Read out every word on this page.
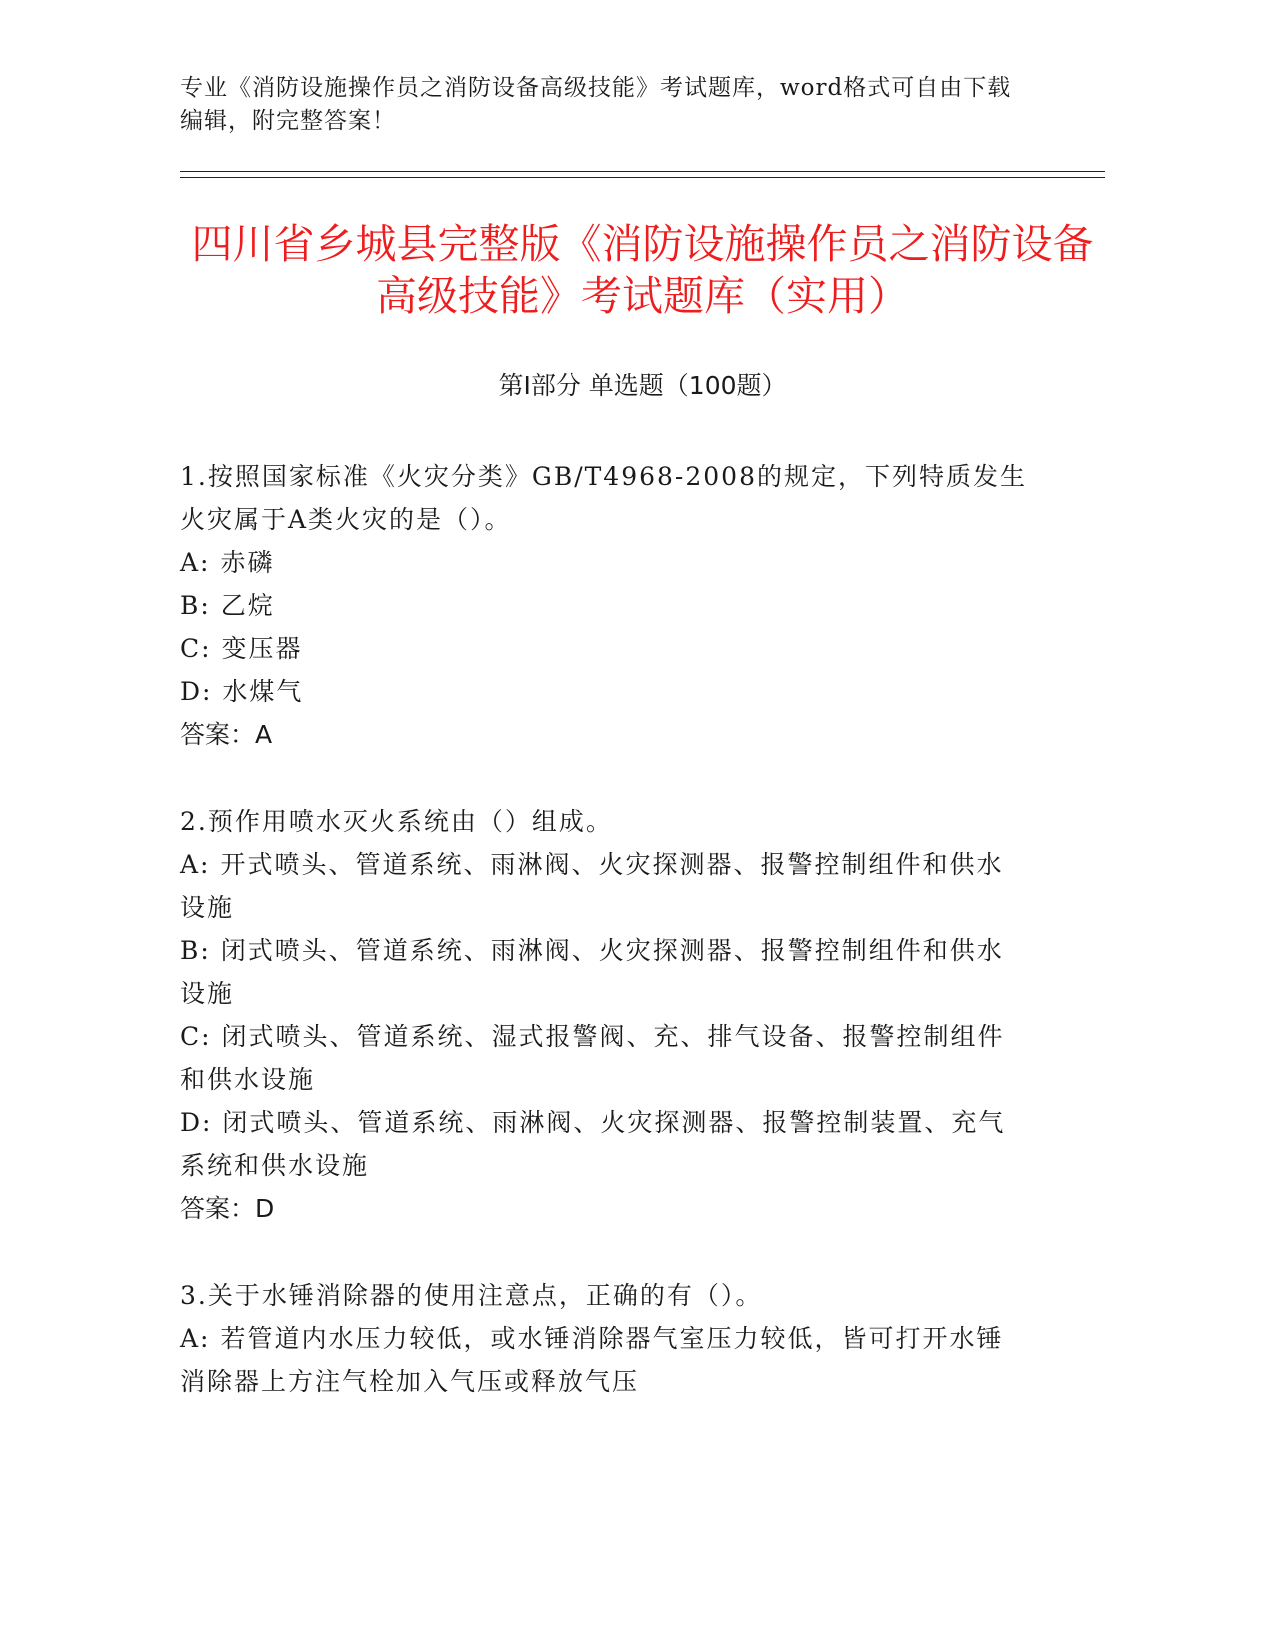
专业《消防设施操作员之消防设备高级技能》考试题库，word格式可自由下载编辑，附完整答案！
四川省乡城县完整版《消防设施操作员之消防设备高级技能》考试题库（实用）
第I部分 单选题（100题）

1.按照国家标准《火灾分类》GB/T4968-2008的规定，下列特质发生火灾属于A类火灾的是（）。

A: 赤磷

B: 乙烷

C: 变压器

D: 水煤气

答案：A

2.预作用喷水灭火系统由（）组成。

A: 开式喷头、管道系统、雨淋阀、火灾探测器、报警控制组件和供水设施

B: 闭式喷头、管道系统、雨淋阀、火灾探测器、报警控制组件和供水设施

C: 闭式喷头、管道系统、湿式报警阀、充、排气设备、报警控制组件和供水设施

D: 闭式喷头、管道系统、雨淋阀、火灾探测器、报警控制装置、充气系统和供水设施

答案：D

3.关于水锤消除器的使用注意点，正确的有（）。

A: 若管道内水压力较低，或水锤消除器气室压力较低，皆可打开水锤消除器上方注气栓加入气压或释放气压
